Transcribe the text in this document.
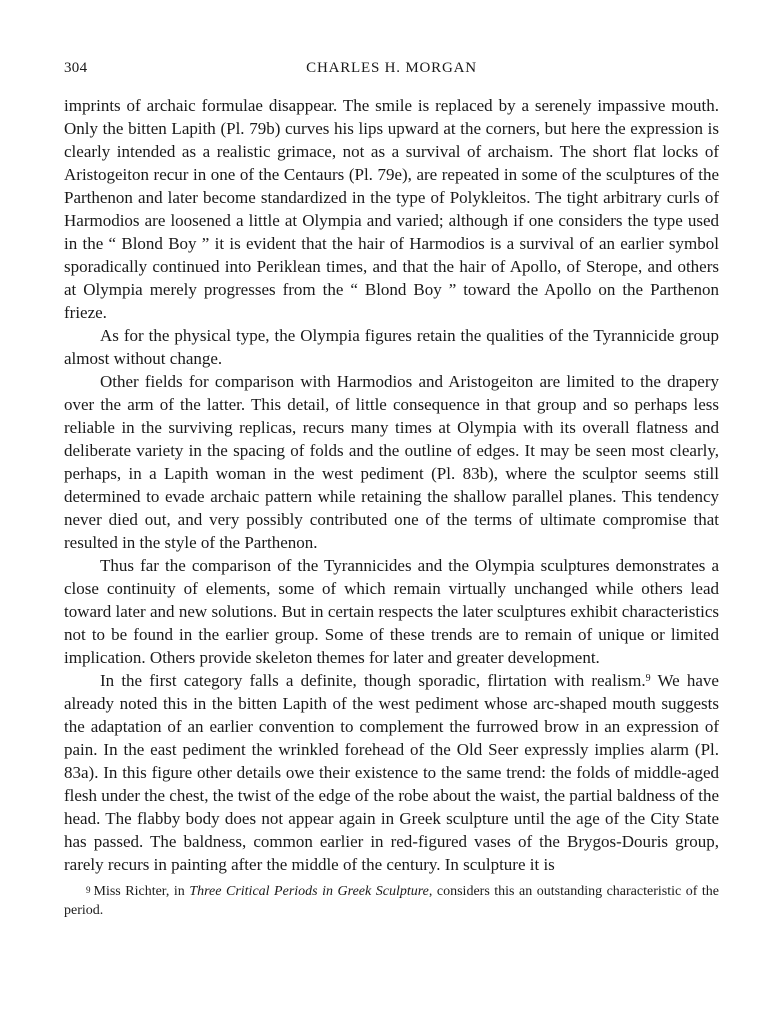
304	CHARLES H. MORGAN

imprints of archaic formulae disappear. The smile is replaced by a serenely impassive mouth. Only the bitten Lapith (Pl. 79b) curves his lips upward at the corners, but here the expression is clearly intended as a realistic grimace, not as a survival of archaism. The short flat locks of Aristogeiton recur in one of the Centaurs (Pl. 79e), are repeated in some of the sculptures of the Parthenon and later become standardized in the type of Polykleitos. The tight arbitrary curls of Harmodios are loosened a little at Olympia and varied; although if one considers the type used in the “ Blond Boy ” it is evident that the hair of Harmodios is a survival of an earlier symbol sporadically continued into Periklean times, and that the hair of Apollo, of Sterope, and others at Olympia merely progresses from the “ Blond Boy ” toward the Apollo on the Parthenon frieze.

As for the physical type, the Olympia figures retain the qualities of the Tyrannicide group almost without change.

Other fields for comparison with Harmodios and Aristogeiton are limited to the drapery over the arm of the latter. This detail, of little consequence in that group and so perhaps less reliable in the surviving replicas, recurs many times at Olympia with its overall flatness and deliberate variety in the spacing of folds and the outline of edges. It may be seen most clearly, perhaps, in a Lapith woman in the west pediment (Pl. 83b), where the sculptor seems still determined to evade archaic pattern while retaining the shallow parallel planes. This tendency never died out, and very possibly contributed one of the terms of ultimate compromise that resulted in the style of the Parthenon.

Thus far the comparison of the Tyrannicides and the Olympia sculptures demonstrates a close continuity of elements, some of which remain virtually unchanged while others lead toward later and new solutions. But in certain respects the later sculptures exhibit characteristics not to be found in the earlier group. Some of these trends are to remain of unique or limited implication. Others provide skeleton themes for later and greater development.

In the first category falls a definite, though sporadic, flirtation with realism.$^9$ We have already noted this in the bitten Lapith of the west pediment whose arc-shaped mouth suggests the adaptation of an earlier convention to complement the furrowed brow in an expression of pain. In the east pediment the wrinkled forehead of the Old Seer expressly implies alarm (Pl. 83a). In this figure other details owe their existence to the same trend: the folds of middle-aged flesh under the chest, the twist of the edge of the robe about the waist, the partial baldness of the head. The flabby body does not appear again in Greek sculpture until the age of the City State has passed. The baldness, common earlier in red-figured vases of the Brygos-Douris group, rarely recurs in painting after the middle of the century. In sculpture it is

$^9$ Miss Richter, in Three Critical Periods in Greek Sculpture, considers this an outstanding characteristic of the period.
